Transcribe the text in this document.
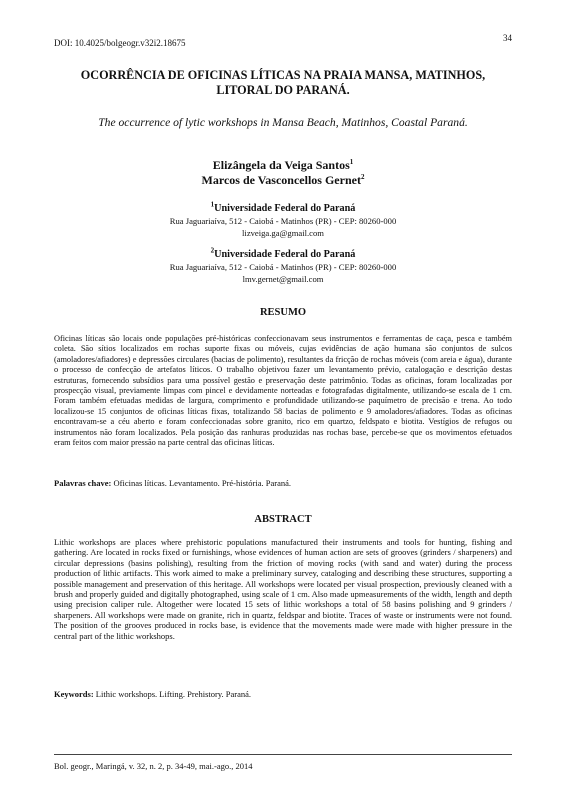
DOI: 10.4025/bolgeogr.v32i2.18675	34
OCORRÊNCIA DE OFICINAS LÍTICAS NA PRAIA MANSA, MATINHOS,
LITORAL DO PARANÁ.
The occurrence of lytic workshops in Mansa Beach, Matinhos, Coastal Paraná.
Elizângela da Veiga Santos$^1$
Marcos de Vasconcellos Gernet$^2$
$^1$Universidade Federal do Paraná
Rua Jaguariaíva, 512 - Caiobá - Matinhos (PR) - CEP: 80260-000
lizveiga.ga@gmail.com
$^2$Universidade Federal do Paraná
Rua Jaguariaíva, 512 - Caiobá - Matinhos (PR) - CEP: 80260-000
lmv.gernet@gmail.com
RESUMO
Oficinas líticas são locais onde populações pré-históricas confeccionavam seus instrumentos e ferramentas de caça, pesca e também coleta. São sítios localizados em rochas suporte fixas ou móveis, cujas evidências de ação humana são conjuntos de sulcos (amoladores/afiadores) e depressões circulares (bacias de polimento), resultantes da fricção de rochas móveis (com areia e água), durante o processo de confecção de artefatos líticos. O trabalho objetivou fazer um levantamento prévio, catalogação e descrição destas estruturas, fornecendo subsídios para uma possível gestão e preservação deste patrimônio. Todas as oficinas, foram localizadas por prospecção visual, previamente limpas com pincel e devidamente norteadas e fotografadas digitalmente, utilizando-se escala de 1 cm. Foram também efetuadas medidas de largura, comprimento e profundidade utilizando-se paquímetro de precisão e trena. Ao todo localizou-se 15 conjuntos de oficinas líticas fixas, totalizando 58 bacias de polimento e 9 amoladores/afiadores. Todas as oficinas encontravam-se a céu aberto e foram confeccionadas sobre granito, rico em quartzo, feldspato e biotita. Vestígios de refugos ou instrumentos não foram localizados. Pela posição das ranhuras produzidas nas rochas base, percebe-se que os movimentos efetuados eram feitos com maior pressão na parte central das oficinas líticas.
Palavras chave: Oficinas líticas. Levantamento. Pré-história. Paraná.
ABSTRACT
Lithic workshops are places where prehistoric populations manufactured their instruments and tools for hunting, fishing and gathering. Are located in rocks fixed or furnishings, whose evidences of human action are sets of grooves (grinders / sharpeners) and circular depressions (basins polishing), resulting from the friction of moving rocks (with sand and water) during the process production of lithic artifacts. This work aimed to make a preliminary survey, cataloging and describing these structures, supporting a possible management and preservation of this heritage. All workshops were located per visual prospection, previously cleaned with a brush and properly guided and digitally photographed, using scale of 1 cm. Also made upmeasurements of the width, length and depth using precision caliper rule. Altogether were located 15 sets of lithic workshops a total of 58 basins polishing and 9 grinders / sharpeners. All workshops were made on granite, rich in quartz, feldspar and biotite. Traces of waste or instruments were not found. The position of the grooves produced in rocks base, is evidence that the movements made were made with higher pressure in the central part of the lithic workshops.
Keywords: Lithic workshops. Lifting. Prehistory. Paraná.
Bol. geogr., Maringá, v. 32, n. 2, p. 34-49, mai.-ago., 2014
